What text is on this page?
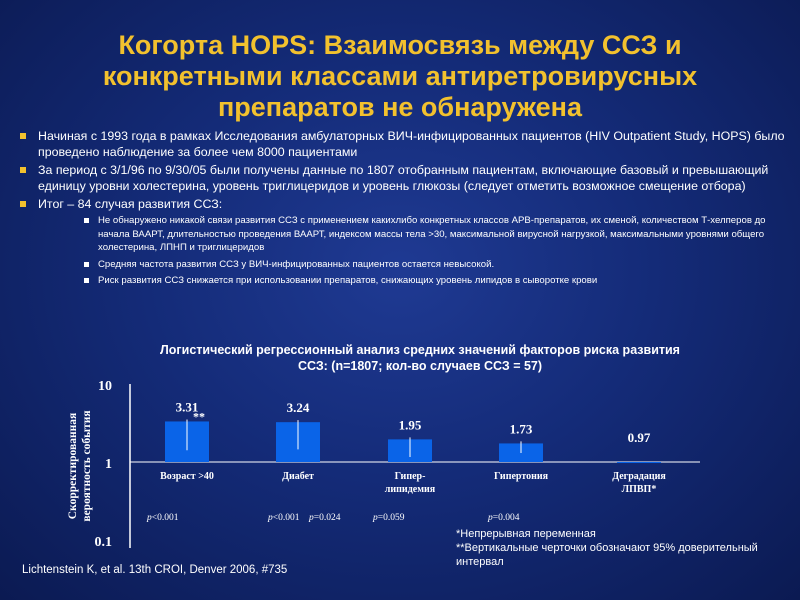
Когорта HOPS: Взаимосвязь между ССЗ и конкретными классами антиретровирусных препаратов не обнаружена
Начиная с 1993 года в рамках Исследования амбулаторных ВИЧ-инфицированных пациентов (HIV Outpatient Study, HOPS) было проведено наблюдение за более чем 8000 пациентами
За период с 3/1/96 по 9/30/05 были получены данные по 1807 отобранным пациентам, включающие базовый и превышающий единицу уровни холестерина, уровень триглицеридов и уровень глюкозы (следует отметить возможное смещение отбора)
Итог – 84 случая развития ССЗ:
Не обнаружено никакой связи развития ССЗ с применением какихлибо конкретных классов АРВ-препаратов, их сменой, количеством Т-хелперов до начала ВААРТ, длительностью проведения ВААРТ, индексом массы тела >30, максимальной вирусной нагрузкой, максимальными уровнями общего холестерина, ЛПНП и триглицеридов
Средняя частота развития ССЗ у ВИЧ-инфицированных пациентов остается невысокой.
Риск развития ССЗ снижается при использовании препаратов, снижающих уровень липидов в сыворотке крови
Логистический регрессионный анализ средних значений факторов риска развития ССЗ: (n=1807; кол-во случаев ССЗ = 57)
10
1
0.1
Скорректированная вероятность события
3.31	3.24
1.95	1.73
0.97
**
Возраст >40	Диабет	Гипер-липидемия
Гипертония	Деградация ЛПВП*
p<0.001	p<0.001 p=0.024	p=0.059	p=0.004
*Непрерывная переменная
**Вертикальные черточки обозначают 95% доверительный интервал
Lichtenstein K, et al. 13th CROI, Denver 2006, #735
